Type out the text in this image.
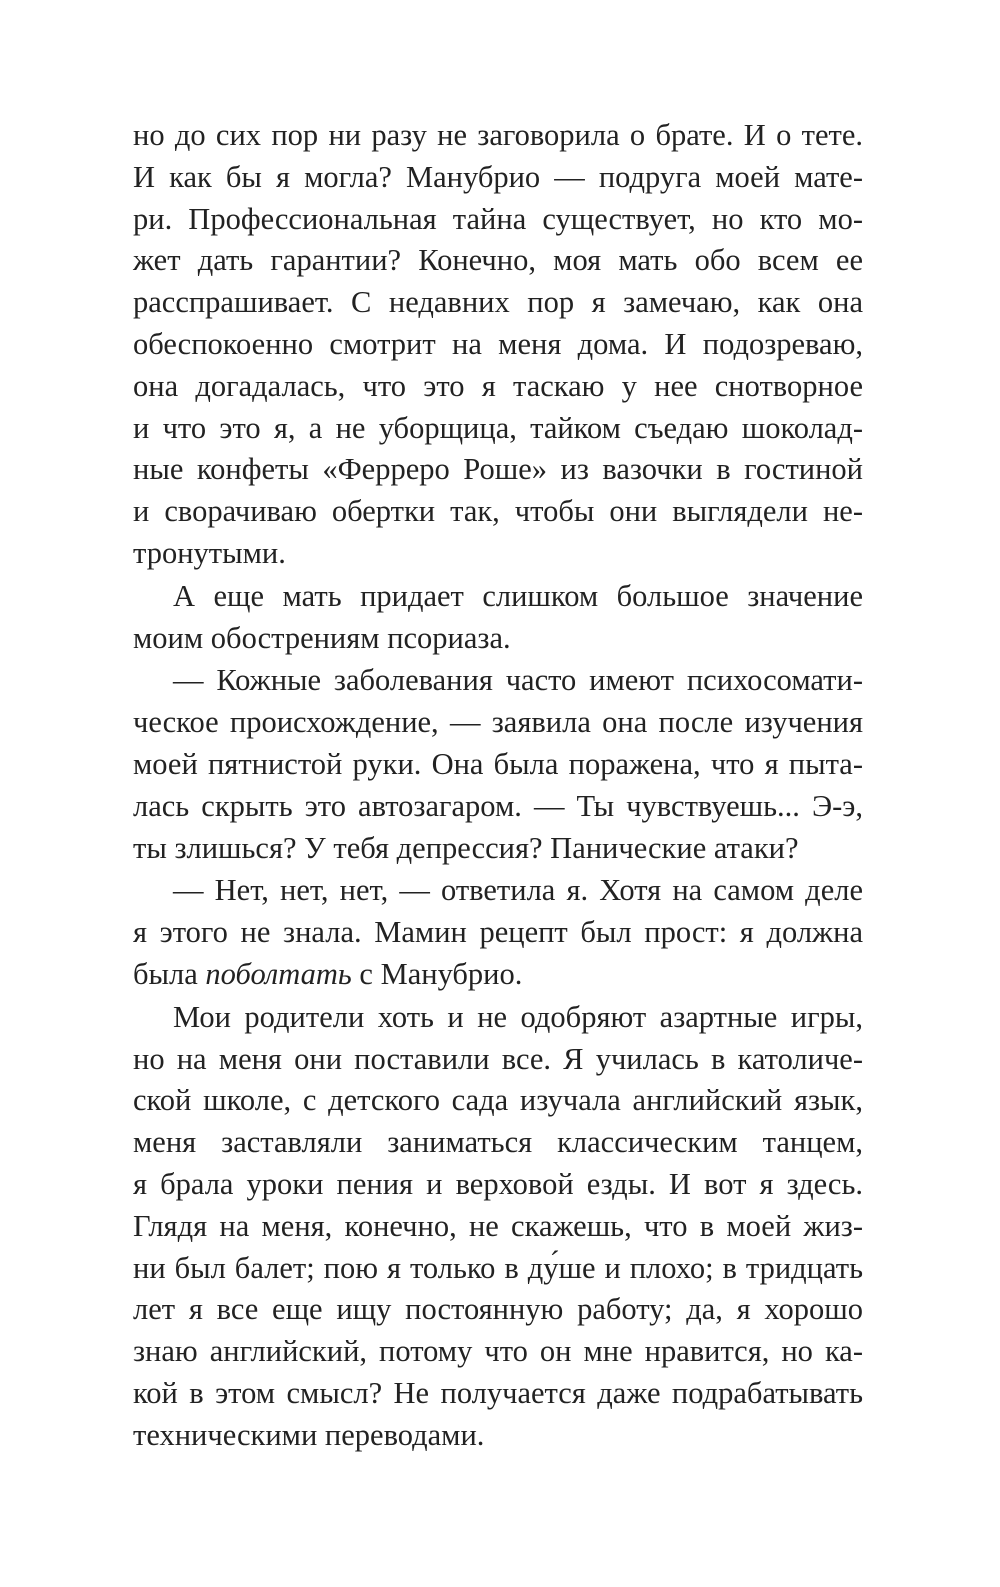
но до сих пор ни разу не заговорила о брате. И о тете.
И как бы я могла? Манубрио — подруга моей мате-
ри. Профессиональная тайна существует, но кто мо-
жет дать гарантии? Конечно, моя мать обо всем ее
расспрашивает. С недавних пор я замечаю, как она
обеспокоенно смотрит на меня дома. И подозреваю,
она догадалась, что это я таскаю у нее снотворное
и что это я, а не уборщица, тайком съедаю шоколад-
ные конфеты «Ферреро Роше» из вазочки в гостиной
и сворачиваю обертки так, чтобы они выглядели не-
тронутыми.
А еще мать придает слишком большое значение
моим обострениям псориаза.
— Кожные заболевания часто имеют психосомати-
ческое происхождение, — заявила она после изучения
моей пятнистой руки. Она была поражена, что я пыта-
лась скрыть это автозагаром. — Ты чувствуешь... Э-э,
ты злишься? У тебя депрессия? Панические атаки?
— Нет, нет, нет, — ответила я. Хотя на самом деле
я этого не знала. Мамин рецепт был прост: я должна
была поболтать с Манубрио.
Мои родители хоть и не одобряют азартные игры,
но на меня они поставили все. Я училась в католиче-
ской школе, с детского сада изучала английский язык,
меня заставляли заниматься классическим танцем,
я брала уроки пения и верховой езды. И вот я здесь.
Глядя на меня, конечно, не скажешь, что в моей жиз-
ни был балет; пою я только в ду́ше и плохо; в тридцать
лет я все еще ищу постоянную работу; да, я хорошо
знаю английский, потому что он мне нравится, но ка-
кой в этом смысл? Не получается даже подрабатывать
техническими переводами.
